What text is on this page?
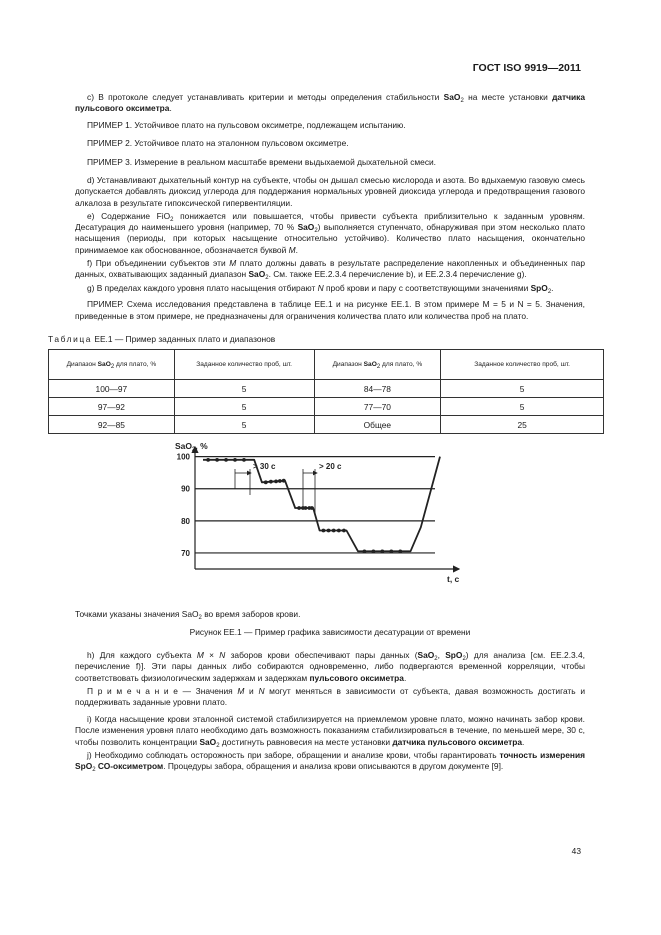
ГОСТ ISO 9919—2011

с) В протоколе следует устанавливать критерии и методы определения стабильности SaO$_2$ на месте установки датчика пульсового оксиметра.

ПРИМЕР 1. Устойчивое плато на пульсовом оксиметре, подлежащем испытанию.

ПРИМЕР 2. Устойчивое плато на эталонном пульсовом оксиметре.

ПРИМЕР 3. Измерение в реальном масштабе времени выдыхаемой дыхательной смеси.

d) Устанавливают дыхательный контур на субъекте, чтобы он дышал смесью кислорода и азота. Во вдыхаемую газовую смесь допускается добавлять диоксид углерода для поддержания нормальных уровней диоксида углерода и предотвращения газового алкалоза в результате гипоксической гипервентиляции.

e) Содержание FiO$_2$ понижается или повышается, чтобы привести субъекта приблизительно к заданным уровням. Десатурация до наименьшего уровня (например, 70 % SaO$_2$) выполняется ступенчато, обнаруживая при этом несколько плато насыщения (периоды, при которых насыщение относительно устойчиво). Количество плато насыщения, окончательно принимаемое как обоснованное, обозначается буквой M.

f) При объединении субъектов эти M плато должны давать в результате распределение накопленных и объединенных пар данных, охватывающих заданный диапазон SaO$_2$. См. также EE.2.3.4 перечисление b), и EE.2.3.4 перечисление g).

g) В пределах каждого уровня плато насыщения отбирают N проб крови и пару с соответствующими значениями SpO$_2$.

ПРИМЕР. Схема исследования представлена в таблице ЕЕ.1 и на рисунке ЕЕ.1. В этом примере M = 5 и N = 5. Значения, приведенные в этом примере, не предназначены для ограничения количества плато или количества проб на плато.

Таблица ЕЕ.1 — Пример заданных плато и диапазонов
Диапазон SaO$_2$ для плато, %	Заданное количество проб, шт.	Диапазон SaO$_2$ для плато, %	Заданное количество проб, шт.
100—97	5	84—78	5
97—92	5	77—70	5
92—85	5	Общее	25
SaO$_2$, %
t, c
> 30 с	> 20 с
100
90
80
70
Точками указаны значения SaO$_2$ во время заборов крови.
Рисунок ЕЕ.1 — Пример графика зависимости десатурации от времени

h) Для каждого субъекта M × N заборов крови обеспечивают пары данных (SaO$_2$, SpO$_2$) для анализа [см. EE.2.3.4, перечисление f)]. Эти пары данных либо собираются одновременно, либо подвергаются временной корреляции, чтобы соответствовать физиологическим задержкам и задержкам пульсового оксиметра.

П р и м е ч а н и е — Значения M и N могут меняться в зависимости от субъекта, давая возможность достигать и поддерживать заданные уровни плато.

i) Когда насыщение крови эталонной системой стабилизируется на приемлемом уровне плато, можно начинать забор крови. После изменения уровня плато необходимо дать возможность показаниям стабилизироваться в течение, по меньшей мере, 30 с, чтобы позволить концентрации SaO$_2$ достигнуть равновесия на месте установки датчика пульсового оксиметра.

j) Необходимо соблюдать осторожность при заборе, обращении и анализе крови, чтобы гарантировать точность измерения SpO$_2$ СО-оксиметром. Процедуры забора, обращения и анализа крови описываются в другом документе [9].

43
